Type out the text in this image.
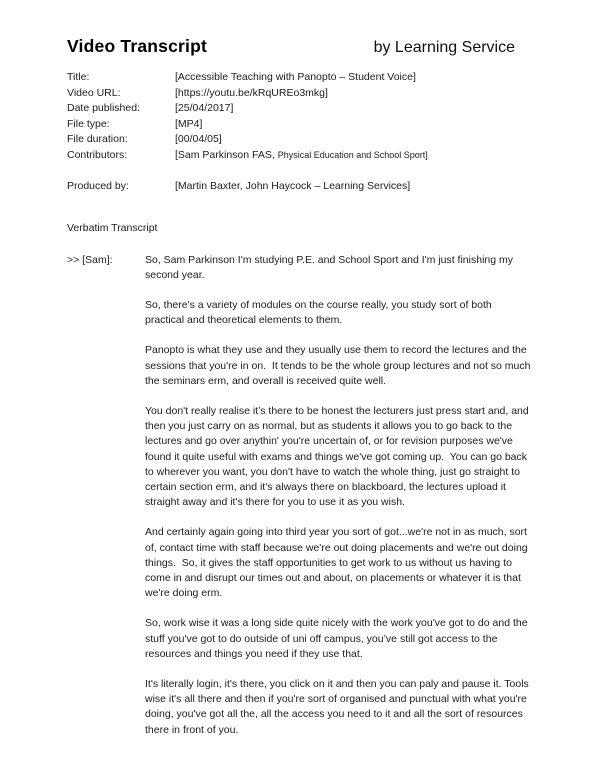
Video Transcript	by Learning Service
Title:	[Accessible Teaching with Panopto – Student Voice]
Video URL:	[https://youtu.be/kRqUREo3mkg]
Date published:	[25/04/2017]
File type:	[MP4]
File duration:	[00/04/05]
Contributors:	[Sam Parkinson FAS, Physical Education and School Sport]
Produced by:	[Martin Baxter, John Haycock – Learning Services]
Verbatim Transcript
>> [Sam]:	So, Sam Parkinson I'm studying P.E. and School Sport and I'm just finishing my second year.
So, there's a variety of modules on the course really, you study sort of both practical and theoretical elements to them.
Panopto is what they use and they usually use them to record the lectures and the sessions that you're in on.  It tends to be the whole group lectures and not so much the seminars erm, and overall is received quite well.
You don't really realise it’s there to be honest the lecturers just press start and, and then you just carry on as normal, but as students it allows you to go back to the lectures and go over anythin' you're uncertain of, or for revision purposes we've found it quite useful with exams and things we've got coming up.  You can go back to wherever you want, you don't have to watch the whole thing, just go straight to certain section erm, and it's always there on blackboard, the lectures upload it straight away and it's there for you to use it as you wish.
And certainly again going into third year you sort of got...we're not in as much, sort of, contact time with staff because we're out doing placements and we're out doing things.  So, it gives the staff opportunities to get work to us without us having to come in and disrupt our times out and about, on placements or whatever it is that we're doing erm.
So, work wise it was a long side quite nicely with the work you've got to do and the stuff you've got to do outside of uni off campus, you’ve still got access to the resources and things you need if they use that.
It's literally login, it's there, you click on it and then you can paly and pause it. Tools wise it's all there and then if you're sort of organised and punctual with what you're doing, you've got all the, all the access you need to it and all the sort of resources there in front of you.
